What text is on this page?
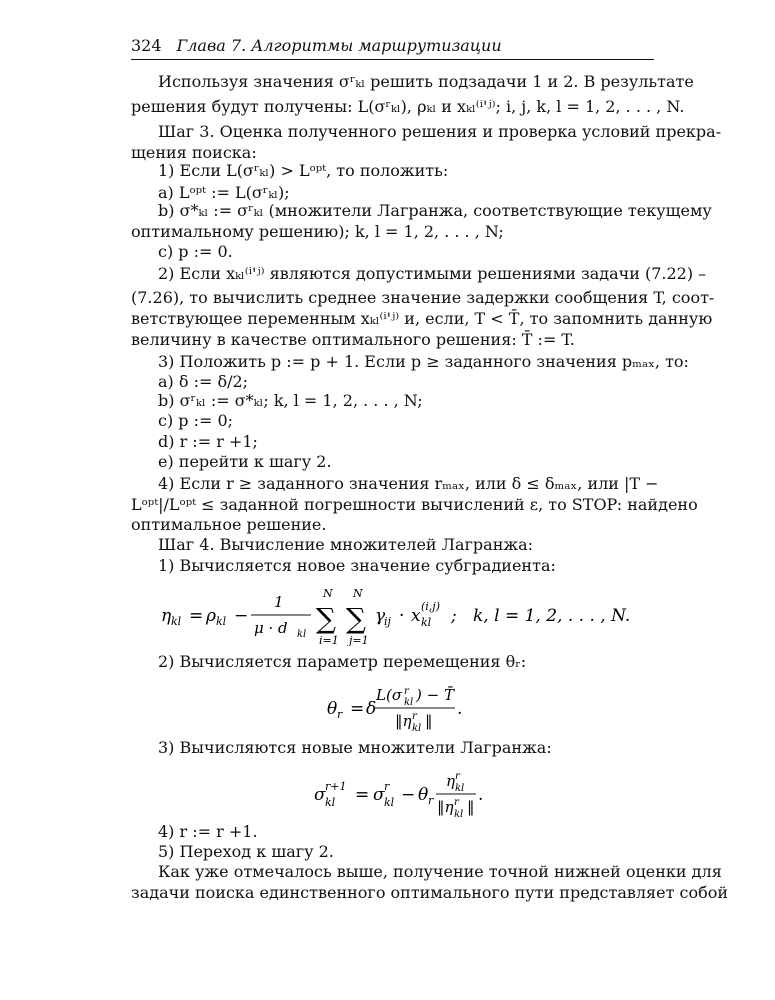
324 Глава 7. Алгоритмы маршрутизации
Используя значения σʳₖₗ решить подзадачи 1 и 2. В результате
решения будут получены: L(σʳₖₗ), ρₖₗ и xₖₗ⁽ⁱ'ʲ⁾; i, j, k, l = 1, 2, . . . , N.
Шаг 3. Оценка полученного решения и проверка условий прекра-
щения поиска:
1) Если L(σʳₖₗ) > Lᵒᵖᵗ, то положить:
a) Lᵒᵖᵗ := L(σʳₖₗ);
b) σ*ₖₗ := σʳₖₗ (множители Лагранжа, соответствующие текущему
оптимальному решению); k, l = 1, 2, . . . , N;
c) p := 0.
2) Если xₖₗ⁽ⁱ'ʲ⁾ являются допустимыми решениями задачи (7.22) –
(7.26), то вычислить среднее значение задержки сообщения T, соот-
ветствующее переменным xₖₗ⁽ⁱ'ʲ⁾ и, если, T < T̄, то запомнить данную
величину в качестве оптимального решения: T̄ := T.
3) Положить p := p + 1. Если p ≥ заданного значения pₘₐₓ, то:
a) δ := δ/2;
b) σʳₖₗ := σ*ₖₗ; k, l = 1, 2, . . . , N;
c) p := 0;
d) r := r +1;
e) перейти к шагу 2.
4) Если r ≥ заданного значения rₘₐₓ, или δ ≤ δₘₐₓ, или |T −
Lᵒᵖᵗ|/Lᵒᵖᵗ ≤ заданной погрешности вычислений ε, то STOP: найдено
оптимальное решение.
Шаг 4. Вычисление множителей Лагранжа:
1) Вычисляется новое значение субградиента:
η kl = ρ kl −
1
μ · d kl
N
∑
i=1
N
∑
j=1
γ
ij · x (i,j)
kl ; k, l = 1, 2, . . . , N.
2) Вычисляется параметр перемещения θᵣ:
θ r = δ
L(σ r
kl ) − T̄
‖η r
kl ‖
.
3) Вычисляются новые множители Лагранжа:
σ r+1
kl = σ r
kl − θ r
η r
kl
‖η r
kl ‖
.
4) r := r +1.
5) Переход к шагу 2.
Как уже отмечалось выше, получение точной нижней оценки для
задачи поиска единственного оптимального пути представляет собой
